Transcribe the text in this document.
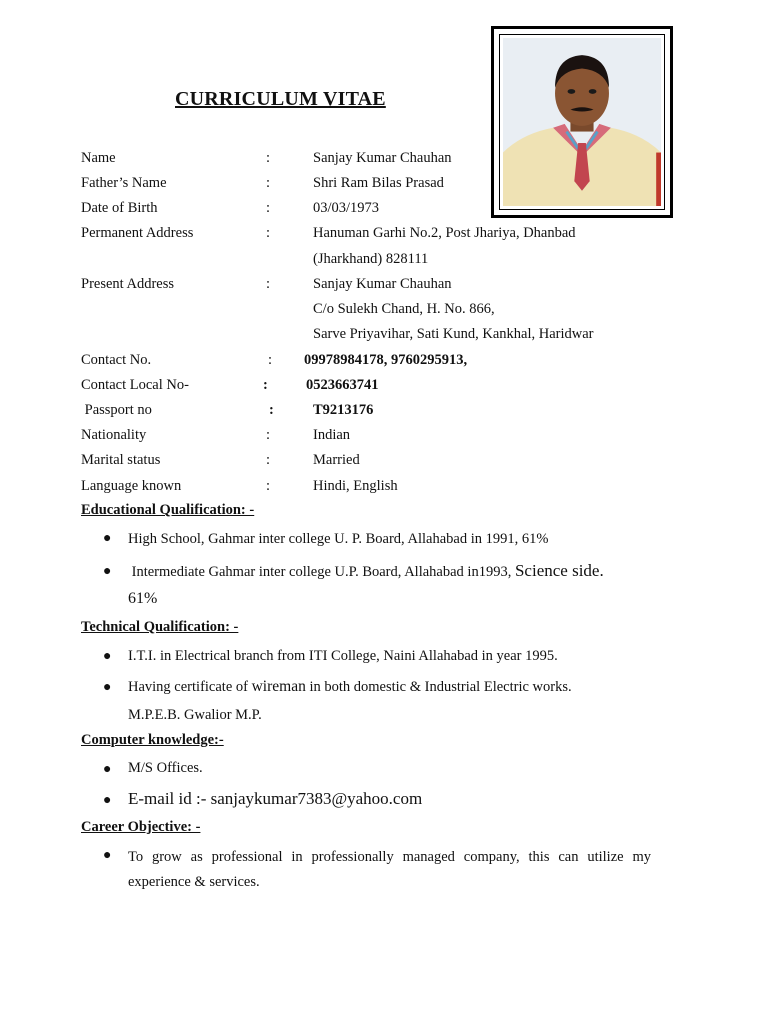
CURRICULUM VITAE
Name	:	Sanjay Kumar Chauhan
Father’s Name	:	Shri Ram Bilas Prasad
Date of Birth	:	03/03/1973
Permanent Address	:	Hanuman Garhi No.2, Post Jhariya, Dhanbad
(Jharkhand) 828111
Present Address	:	Sanjay Kumar Chauhan
C/o Sulekh Chand, H. No. 866,
Sarve Priyavihar, Sati Kund, Kankhal, Haridwar
Contact No.	: 09978984178, 9760295913,
Contact Local No-	:	0523663741
Passport no	:	T9213176
Nationality	:	Indian
Marital status	:	Married
Language known	:	Hindi, English
Educational Qualification: -
● High School, Gahmar inter college U. P. Board, Allahabad in 1991, 61%
● Intermediate Gahmar inter college U.P. Board, Allahabad in1993, Science side.
61%
Technical Qualification: -
● I.T.I. in Electrical branch from ITI College, Naini Allahabad in year 1995.
● Having certificate of wireman in both domestic & Industrial Electric works.
M.P.E.B. Gwalior M.P.
Computer knowledge:-
● M/S Offices.
● E-mail id :- sanjaykumar7383@yahoo.com
Career Objective: -
● To grow as professional in professionally managed company, this can utilize my experience & services.
